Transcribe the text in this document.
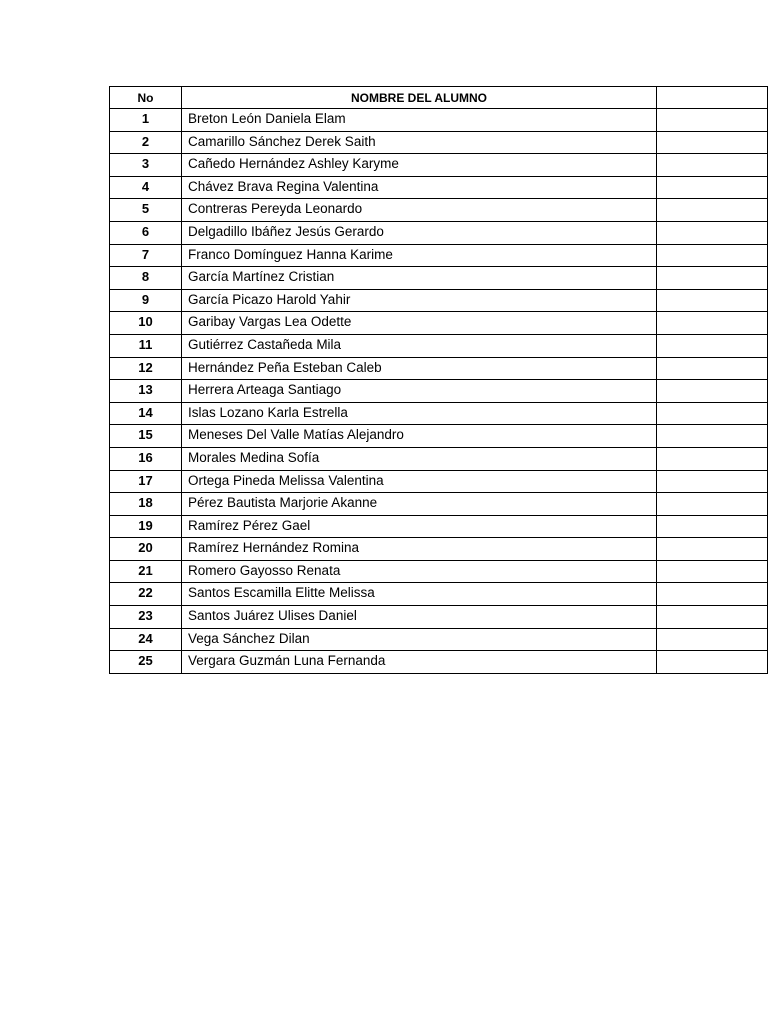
No	NOMBRE DEL ALUMNO	
1	Breton León Daniela Elam	
2	Camarillo Sánchez Derek Saith	
3	Cañedo Hernández Ashley Karyme	
4	Chávez Brava Regina Valentina	
5	Contreras Pereyda Leonardo	
6	Delgadillo Ibáñez Jesús Gerardo	
7	Franco Domínguez Hanna Karime	
8	García Martínez Cristian	
9	García Picazo Harold Yahir	
10	Garibay Vargas Lea Odette	
11	Gutiérrez Castañeda Mila	
12	Hernández Peña Esteban Caleb	
13	Herrera Arteaga Santiago	
14	Islas Lozano Karla Estrella	
15	Meneses Del Valle Matías Alejandro	
16	Morales Medina Sofía	
17	Ortega Pineda Melissa Valentina	
18	Pérez Bautista Marjorie Akanne	
19	Ramírez Pérez Gael	
20	Ramírez Hernández Romina	
21	Romero Gayosso Renata	
22	Santos Escamilla Elitte Melissa	
23	Santos Juárez Ulises Daniel	
24	Vega Sánchez Dilan	
25	Vergara Guzmán Luna Fernanda	
